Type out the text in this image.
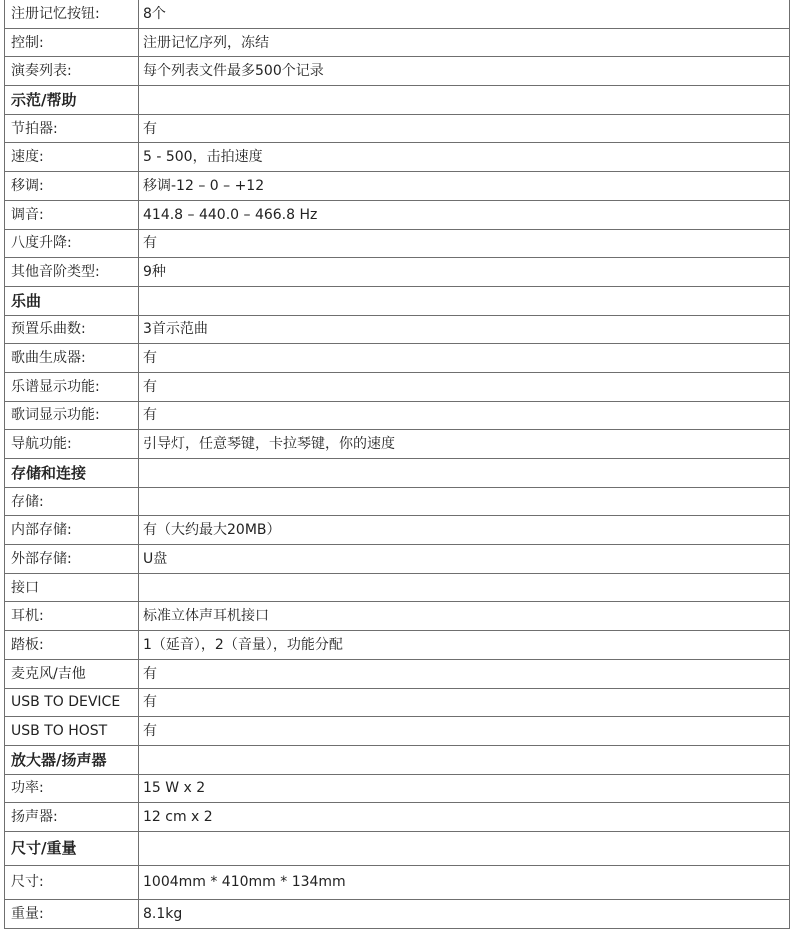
注册记忆按钮:	8个
控制:	注册记忆序列，冻结
演奏列表:	每个列表文件最多500个记录
示范/帮助	
节拍器:	有
速度:	5 - 500，击拍速度
移调:	移调-12 – 0 – +12
调音:	414.8 – 440.0 – 466.8 Hz
八度升降:	有
其他音阶类型:	9种
乐曲	
预置乐曲数:	3首示范曲
歌曲生成器:	有
乐谱显示功能:	有
歌词显示功能:	有
导航功能:	引导灯，任意琴键，卡拉琴键，你的速度
存储和连接	
存储:	
内部存储:	有（大约最大20MB）
外部存储:	U盘
接口	
耳机:	标准立体声耳机接口
踏板:	1（延音），2（音量），功能分配
麦克风/吉他	有
USB TO DEVICE	有
USB TO HOST	有
放大器/扬声器	
功率:	15 W x 2
扬声器:	12 cm x 2
尺寸/重量	
尺寸:	1004mm * 410mm * 134mm
重量:	8.1kg
